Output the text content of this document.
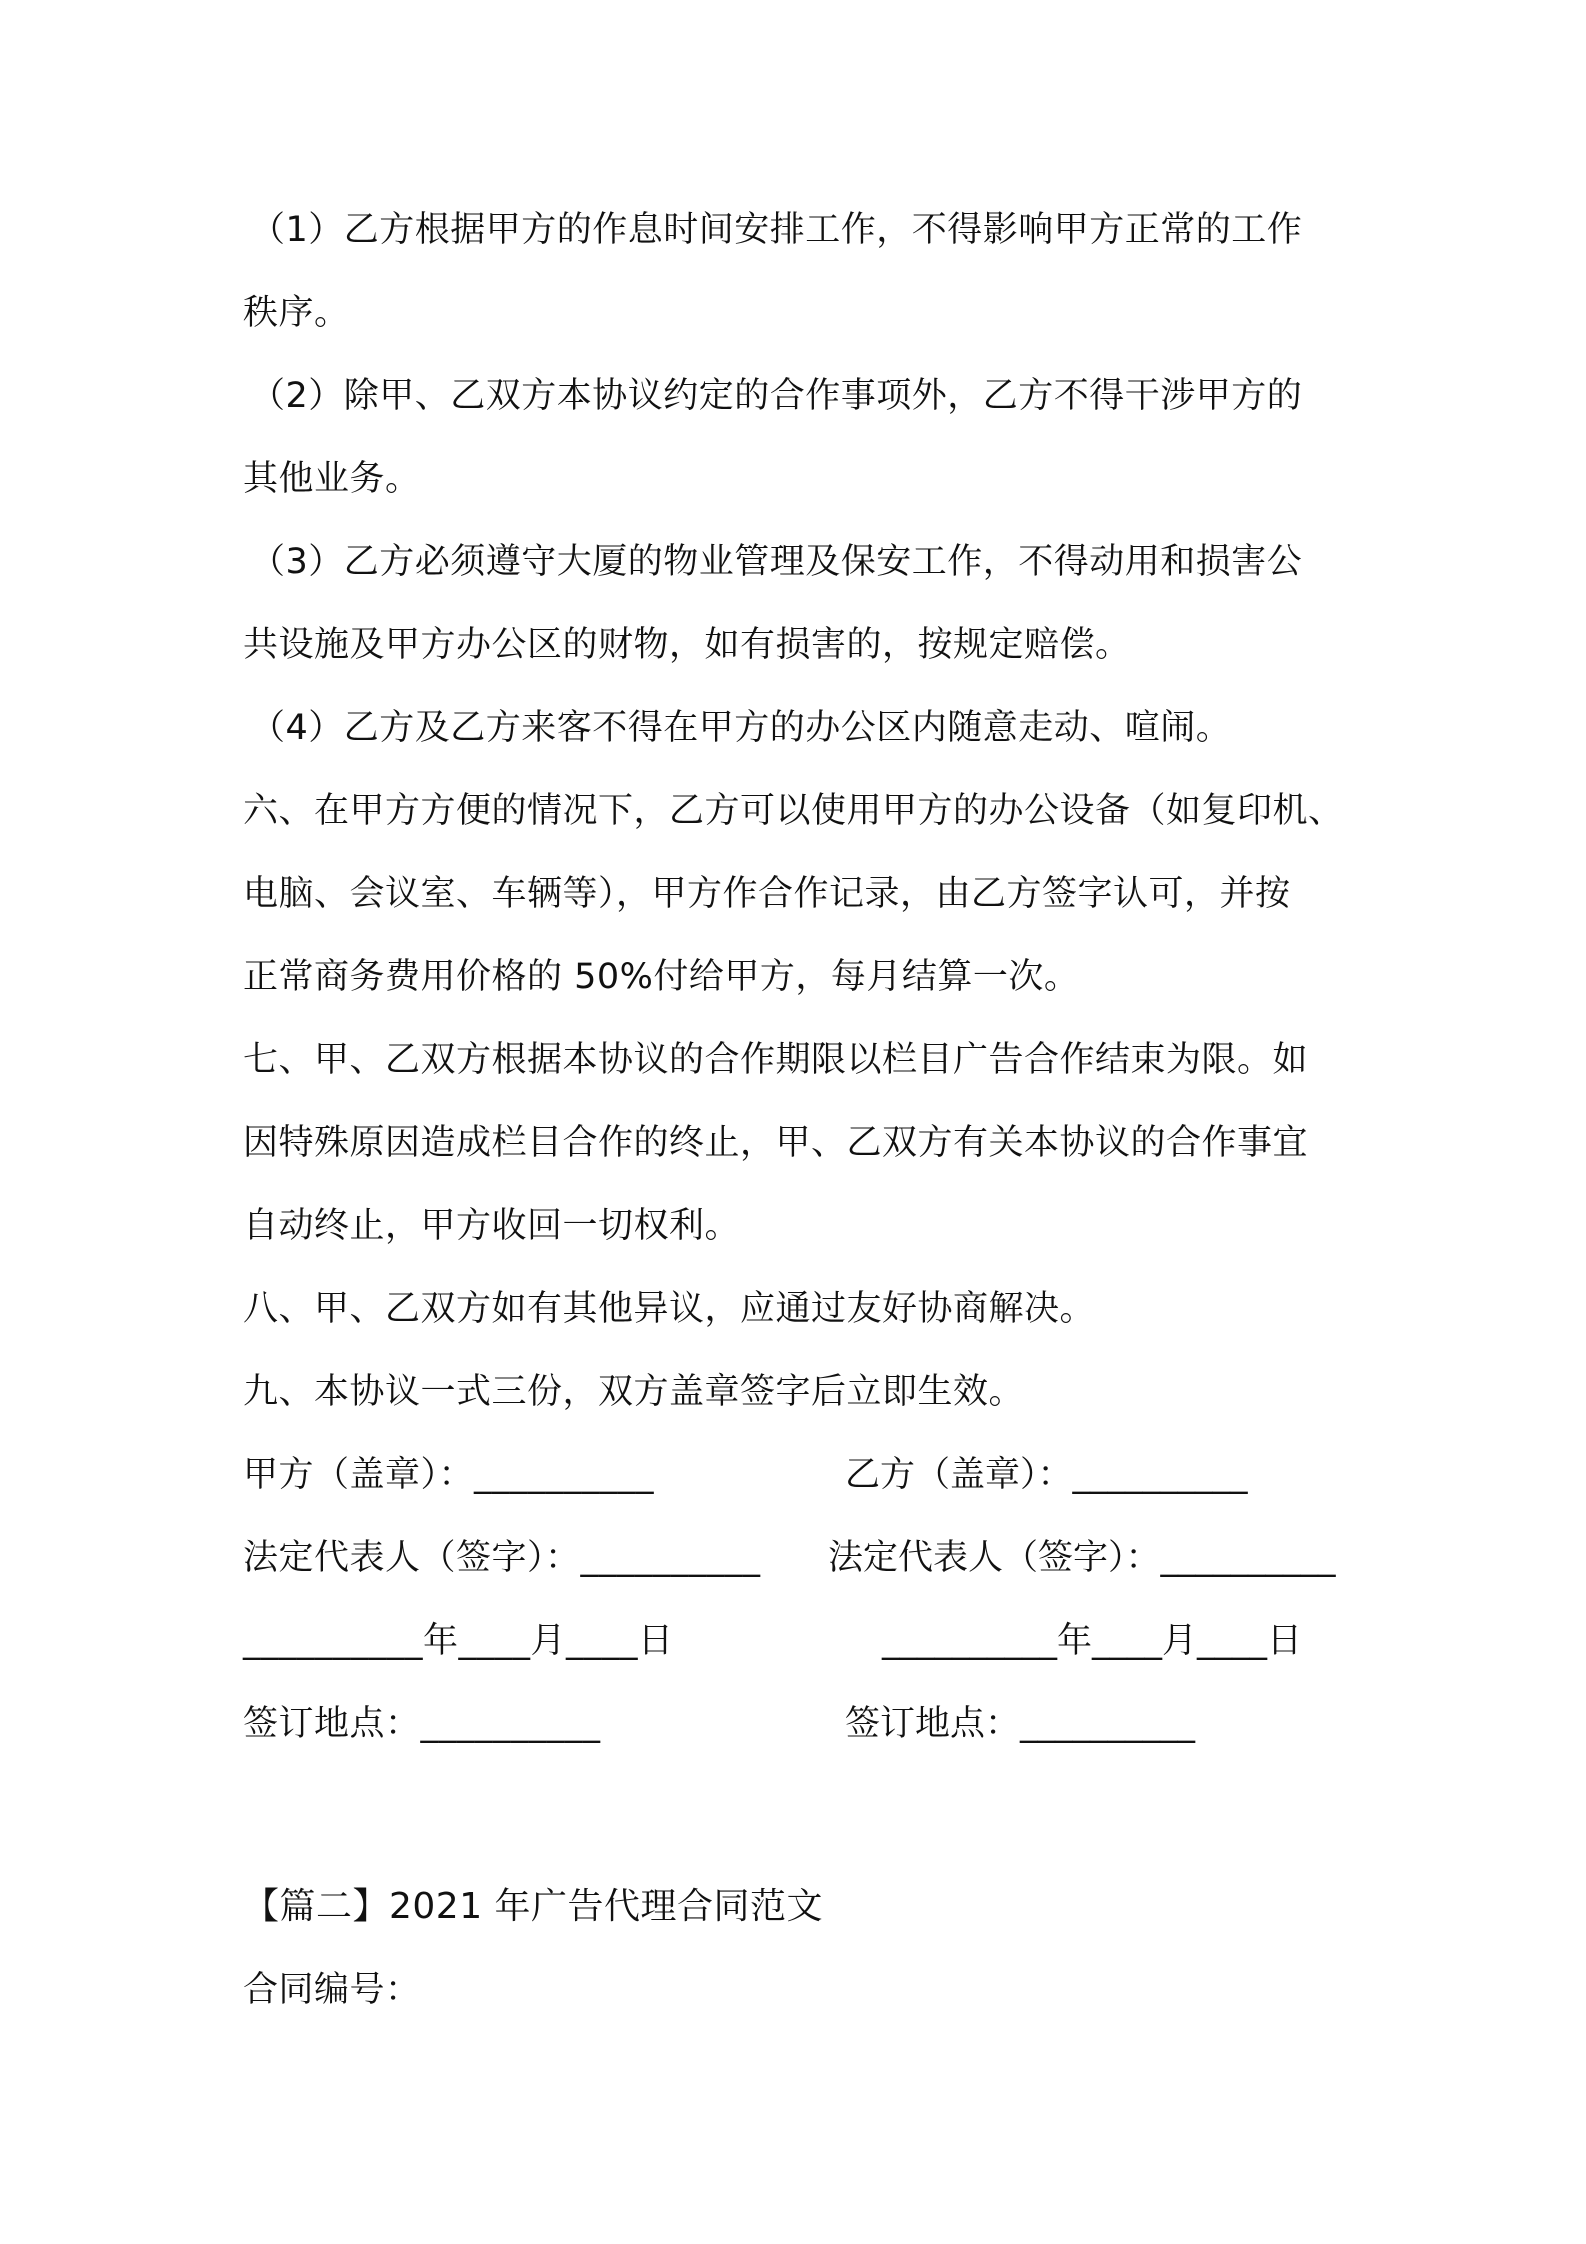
（1）乙方根据甲方的作息时间安排工作，不得影响甲方正常的工作
秩序。
（2）除甲、乙双方本协议约定的合作事项外，乙方不得干涉甲方的
其他业务。
（3）乙方必须遵守大厦的物业管理及保安工作，不得动用和损害公
共设施及甲方办公区的财物，如有损害的，按规定赔偿。
（4）乙方及乙方来客不得在甲方的办公区内随意走动、喧闹。
六、在甲方方便的情况下，乙方可以使用甲方的办公设备（如复印机、
电脑、会议室、车辆等），甲方作合作记录，由乙方签字认可，并按
正常商务费用价格的 50%付给甲方，每月结算一次。
七、甲、乙双方根据本协议的合作期限以栏目广告合作结束为限。如
因特殊原因造成栏目合作的终止，甲、乙双方有关本协议的合作事宜
自动终止，甲方收回一切权利。
八、甲、乙双方如有其他异议，应通过友好协商解决。
九、本协议一式三份，双方盖章签字后立即生效。
甲方（盖章）：__________	乙方（盖章）：__________
法定代表人（签字）：__________ 法定代表人（签字）：__________
__________年____月____日	__________年____月____日
签订地点：__________	签订地点：__________
【篇二】2021 年广告代理合同范文
合同编号：
